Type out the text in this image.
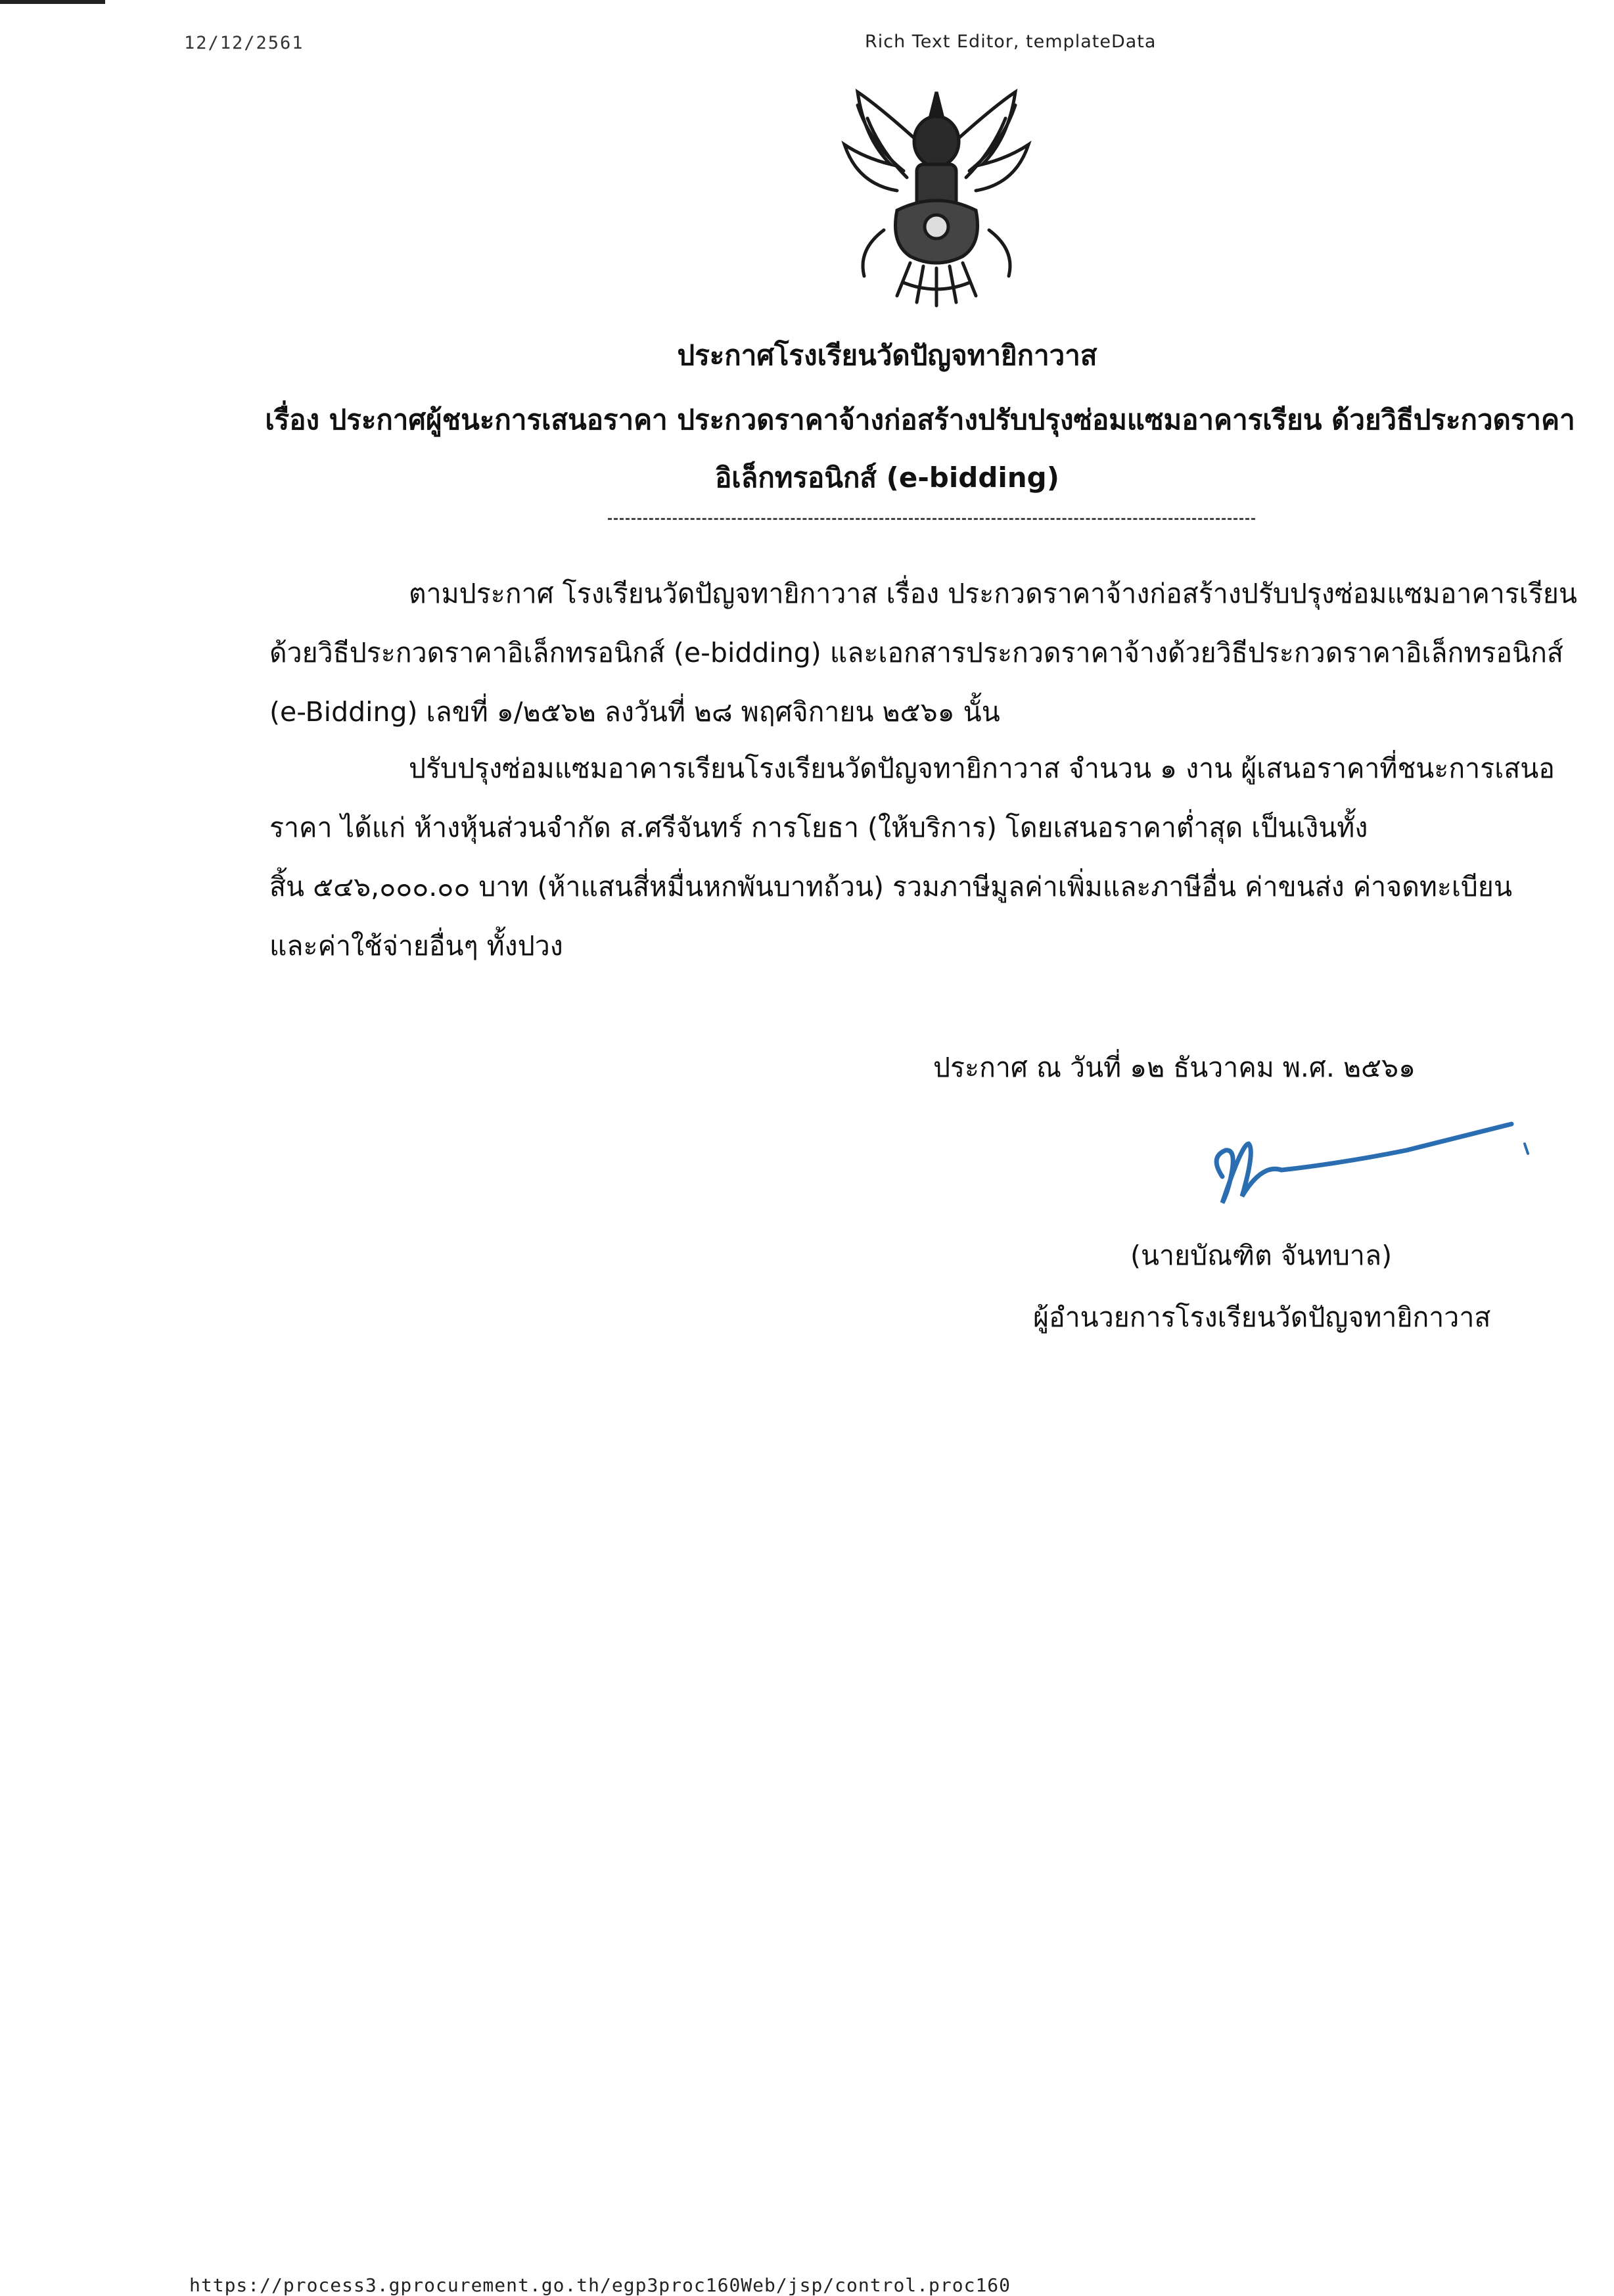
12/12/2561	Rich Text Editor, templateData
ประกาศโรงเรียนวัดปัญจทายิกาวาส
เรื่อง ประกาศผู้ชนะการเสนอราคา ประกวดราคาจ้างก่อสร้างปรับปรุงซ่อมแซมอาคารเรียน ด้วยวิธีประกวดราคา
อิเล็กทรอนิกส์ (e-bidding)
ตามประกาศ โรงเรียนวัดปัญจทายิกาวาส เรื่อง ประกวดราคาจ้างก่อสร้างปรับปรุงซ่อมแซมอาคารเรียน
ด้วยวิธีประกวดราคาอิเล็กทรอนิกส์ (e-bidding) และเอกสารประกวดราคาจ้างด้วยวิธีประกวดราคาอิเล็กทรอนิกส์
(e-Bidding) เลขที่ ๑/๒๕๖๒ ลงวันที่ ๒๘ พฤศจิกายน ๒๕๖๑ นั้น
ปรับปรุงซ่อมแซมอาคารเรียนโรงเรียนวัดปัญจทายิกาวาส จำนวน ๑ งาน ผู้เสนอราคาที่ชนะการเสนอ
ราคา ได้แก่ ห้างหุ้นส่วนจำกัด ส.ศรีจันทร์ การโยธา (ให้บริการ) โดยเสนอราคาต่ำสุด เป็นเงินทั้ง
สิ้น ๕๔๖,๐๐๐.๐๐ บาท (ห้าแสนสี่หมื่นหกพันบาทถ้วน) รวมภาษีมูลค่าเพิ่มและภาษีอื่น ค่าขนส่ง ค่าจดทะเบียน
และค่าใช้จ่ายอื่นๆ ทั้งปวง
ประกาศ ณ วันที่ ๑๒ ธันวาคม พ.ศ. ๒๕๖๑
(นายบัณฑิต จันทบาล)
ผู้อำนวยการโรงเรียนวัดปัญจทายิกาวาส
https://process3.gprocurement.go.th/egp3proc160Web/jsp/control.proc160
